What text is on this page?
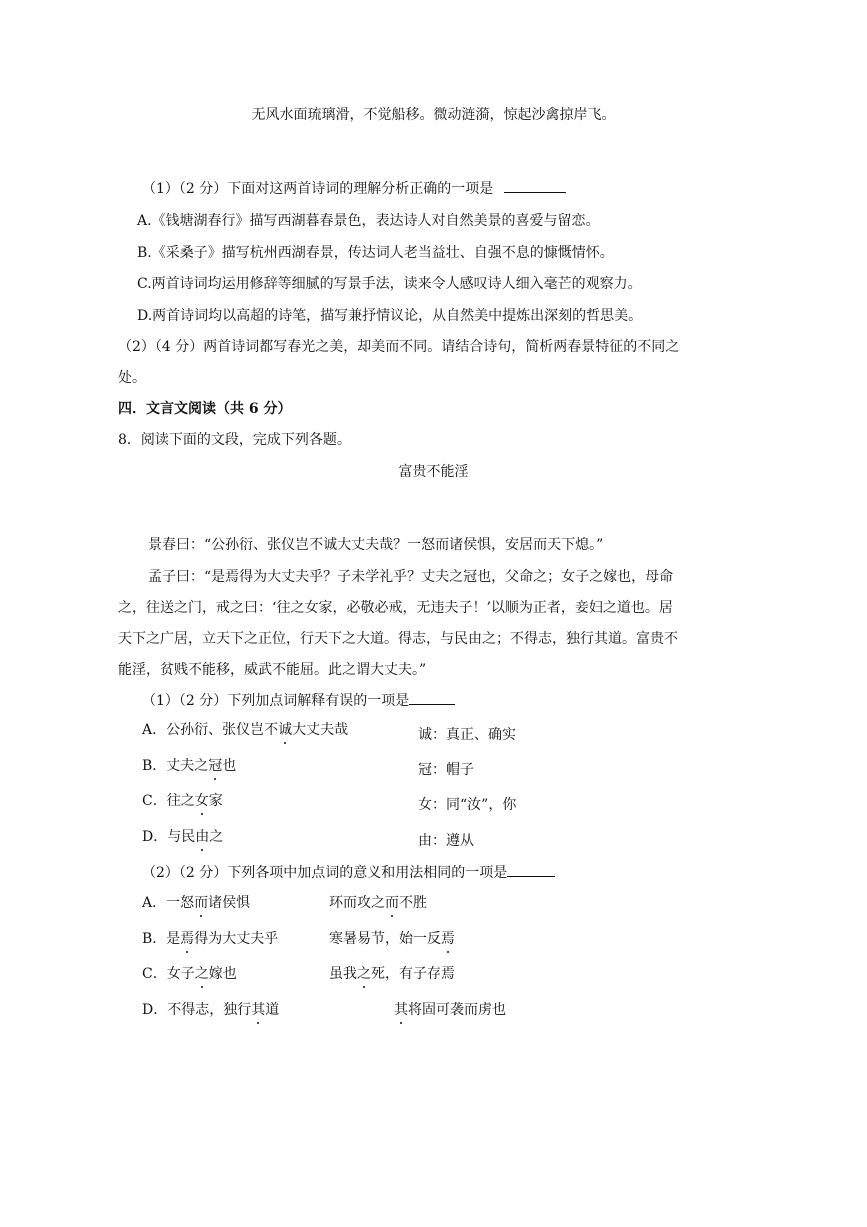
无风水面琉璃滑，不觉船移。微动涟漪，惊起沙禽掠岸飞。
（1）（2 分）下面对这两首诗词的理解分析正确的一项是
A.《钱塘湖春行》描写西湖暮春景色，表达诗人对自然美景的喜爱与留恋。
B.《采桑子》描写杭州西湖春景，传达词人老当益壮、自强不息的慷慨情怀。
C.两首诗词均运用修辞等细腻的写景手法，读来令人感叹诗人细入毫芒的观察力。
D.两首诗词均以高超的诗笔，描写兼抒情议论，从自然美中提炼出深刻的哲思美。
（2）（4 分）两首诗词都写春光之美，却美而不同。请结合诗句，简析两春景特征的不同之
处。
四．文言文阅读（共 6 分）
8．阅读下面的文段，完成下列各题。
富贵不能淫
景春曰：“公孙衍、张仪岂不诚大丈夫哉？一怒而诸侯惧，安居而天下熄。”
孟子曰：“是焉得为大丈夫乎？子未学礼乎？丈夫之冠也，父命之；女子之嫁也，母命
之，往送之门，戒之曰：‘往之女家，必敬必戒，无违夫子！’以顺为正者，妾妇之道也。居
天下之广居，立天下之正位，行天下之大道。得志，与民由之；不得志，独行其道。富贵不
能淫，贫贱不能移，威武不能屈。此之谓大丈夫。”
（1）（2 分）下列加点词解释有误的一项是
A．公孙衍、张仪岂不诚大丈夫哉	诚：真正、确实
B．丈夫之冠也	冠：帽子
C．往之女家	女：同“汝”，你
D．与民由之	由：遵从
（2）（2 分）下列各项中加点词的意义和用法相同的一项是
A．一怒而诸侯惧	环而攻之而不胜
B．是焉得为大丈夫乎	寒暑易节，始一反焉
C．女子之嫁也	虽我之死，有子存焉
D．不得志，独行其道	其将固可袭而虏也
